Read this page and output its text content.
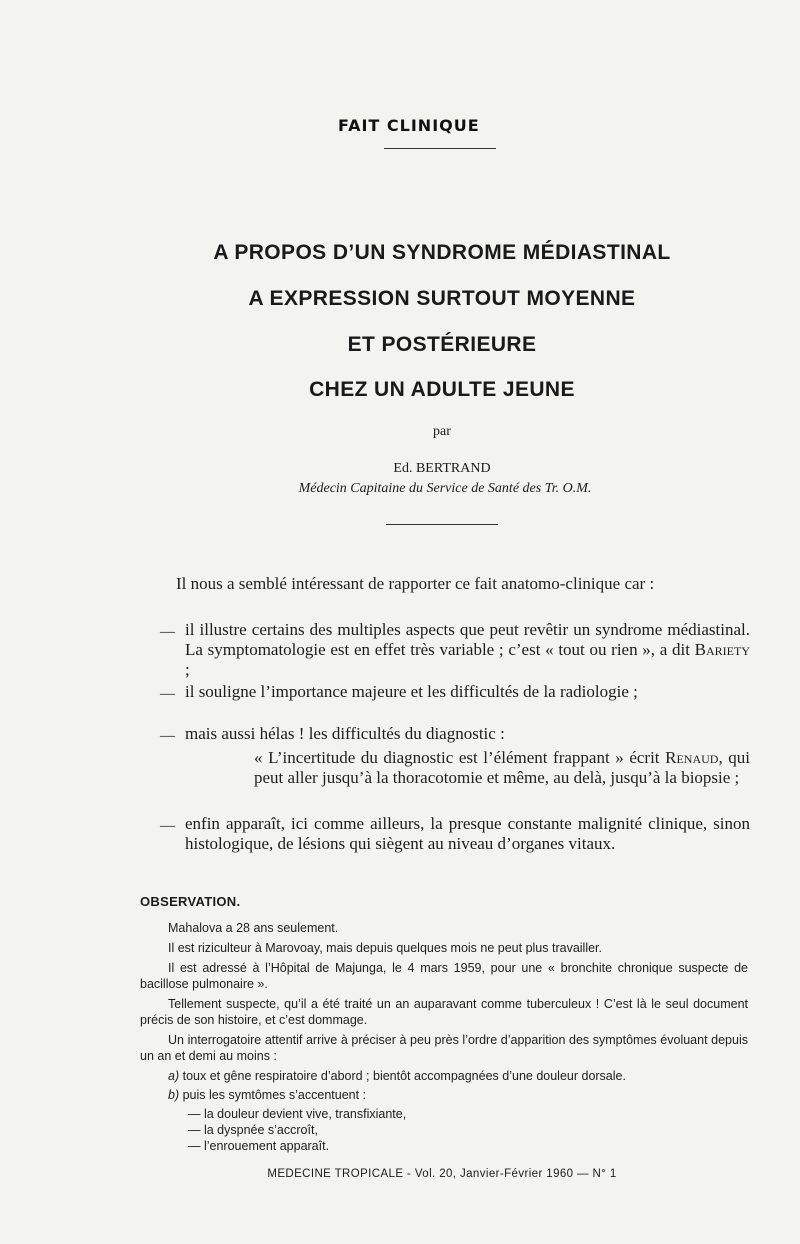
FAIT CLINIQUE
A PROPOS D’UN SYNDROME MÉDIASTINAL
A EXPRESSION SURTOUT MOYENNE
ET POSTÉRIEURE
CHEZ UN ADULTE JEUNE
par
Ed. BERTRAND
Médecin Capitaine du Service de Santé des Tr. O.M.

Il nous a semblé intéressant de rapporter ce fait anatomo-clinique car :

— il illustre certains des multiples aspects que peut revêtir un syndrome médiastinal. La symptomatologie est en effet très variable ; c’est « tout ou rien », a dit Bariety ;
— il souligne l’importance majeure et les difficultés de la radiologie ;
— mais aussi hélas ! les difficultés du diagnostic :

« L’incertitude du diagnostic est l’élément frappant » écrit Renaud, qui peut aller jusqu’à la thoracotomie et même, au delà, jusqu’à la biopsie ;

— enfin apparaît, ici comme ailleurs, la presque constante malignité clinique, sinon histologique, de lésions qui siègent au niveau d’organes vitaux.
OBSERVATION.
Mahalova a 28 ans seulement.
Il est riziculteur à Marovoay, mais depuis quelques mois ne peut plus travailler.
Il est adressé à l’Hôpital de Majunga, le 4 mars 1959, pour une « bronchite chronique suspecte de bacillose pulmonaire ».
Tellement suspecte, qu’il a été traité un an auparavant comme tuberculeux ! C’est là le seul document précis de son histoire, et c’est dommage.
Un interrogatoire attentif arrive à préciser à peu près l’ordre d’apparition des symptômes évoluant depuis un an et demi au moins :
a) toux et gêne respiratoire d’abord ; bientôt accompagnées d’une douleur dorsale.
b) puis les symtômes s’accentuent :
— la douleur devient vive, transfixiante,
— la dyspnée s’accroît,
— l’enrouement apparaît.
MEDECINE TROPICALE - Vol. 20, Janvier-Février 1960 — N° 1
